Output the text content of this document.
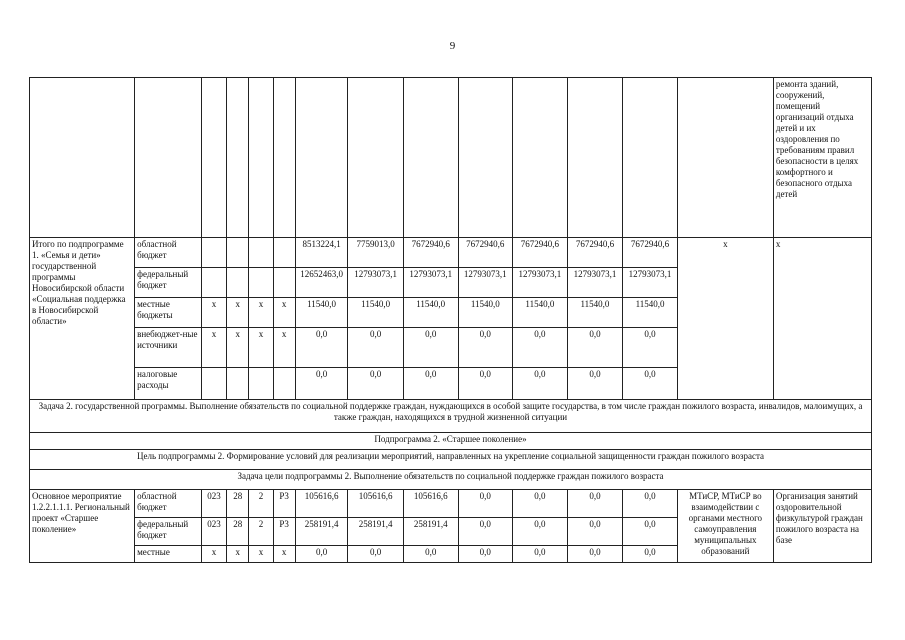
9
														ремонта зданий, сооружений, помещений организаций отдыха детей и их оздоровления по требованиям правил безопасности в целях комфортного и безопасного отдыха детей
Итого по подпрограмме 1. «Семья и дети» государственной программы Новосибирской области «Социальная поддержка в Новосибирской области»	областной бюджет					8513224,1	7759013,0	7672940,6	7672940,6	7672940,6	7672940,6	7672940,6	x	x
	федеральный бюджет					12652463,0	12793073,1	12793073,1	12793073,1	12793073,1	12793073,1	12793073,1		
	местные бюджеты	x	x	x	x	11540,0	11540,0	11540,0	11540,0	11540,0	11540,0	11540,0		
	внебюджет-ные источники	x	x	x	x	0,0	0,0	0,0	0,0	0,0	0,0	0,0		
	налоговые расходы					0,0	0,0	0,0	0,0	0,0	0,0	0,0		
Задача 2. государственной программы. Выполнение обязательств по социальной поддержке граждан, нуждающихся в особой защите государства, в том числе граждан пожилого возраста, инвалидов, малоимущих, а также граждан, находящихся в трудной жизненной ситуации														
Подпрограмма 2. «Старшее поколение»														
Цель подпрограммы 2. Формирование условий для реализации мероприятий, направленных на укрепление социальной защищенности граждан пожилого возраста														
Задача цели подпрограммы 2. Выполнение обязательств по социальной поддержке граждан пожилого возраста														
Основное мероприятие 1.2.2.1.1.1. Региональный проект «Старшее поколение»	областной бюджет	023	28	2	P3	105616,6	105616,6	105616,6	0,0	0,0	0,0	0,0	МТиСР, МТиСР во взаимодействии с органами местного самоуправления муниципальных образований	Организация занятий оздоровительной физкультурой граждан пожилого возраста на базе
	федеральный бюджет	023	28	2	P3	258191,4	258191,4	258191,4	0,0	0,0	0,0	0,0		
	местные	x	x	x	x	0,0	0,0	0,0	0,0	0,0	0,0	0,0		
